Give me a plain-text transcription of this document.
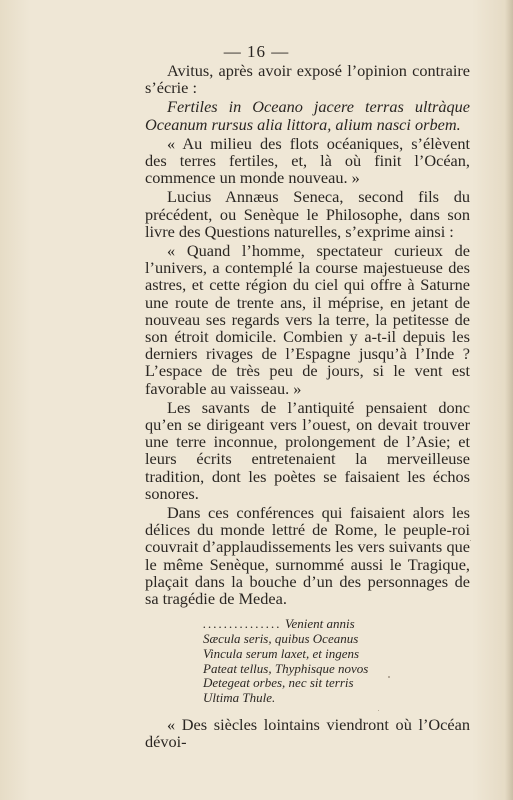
— 16 —

Avitus, après avoir exposé l’opinion contraire s’écrie :

Fertiles in Oceano jacere terras ultràque Oceanum rursus alia littora, alium nasci orbem.

« Au milieu des flots océaniques, s’élèvent des terres fertiles, et, là où finit l’Océan, commence un monde nouveau. »

Lucius Annæus Seneca, second fils du précédent, ou Senèque le Philosophe, dans son livre des Questions naturelles, s’exprime ainsi :

« Quand l’homme, spectateur curieux de l’univers, a contemplé la course majestueuse des astres, et cette région du ciel qui offre à Saturne une route de trente ans, il méprise, en jetant de nouveau ses regards vers la terre, la petitesse de son étroit domicile. Combien y a-t-il depuis les derniers rivages de l’Espagne jusqu’à l’Inde ? L’espace de très peu de jours, si le vent est favorable au vaisseau. »

Les savants de l’antiquité pensaient donc qu’en se dirigeant vers l’ouest, on devait trouver une terre inconnue, prolongement de l’Asie; et leurs écrits entretenaient la merveilleuse tradition, dont les poètes se faisaient les échos sonores.

Dans ces conférences qui faisaient alors les délices du monde lettré de Rome, le peuple-roi couvrait d’applaudissements les vers suivants que le même Senèque, surnommé aussi le Tragique, plaçait dans la bouche d’un des personnages de sa tragédie de Medea.

............... Venient annis
Sæcula seris, quibus Oceanus
Vincula serum laxet, et ingens
Pateat tellus, Thyphisque novos
Detegeat orbes, nec sit terris
Ultima Thule.

« Des siècles lointains viendront où l’Océan dévoi-
